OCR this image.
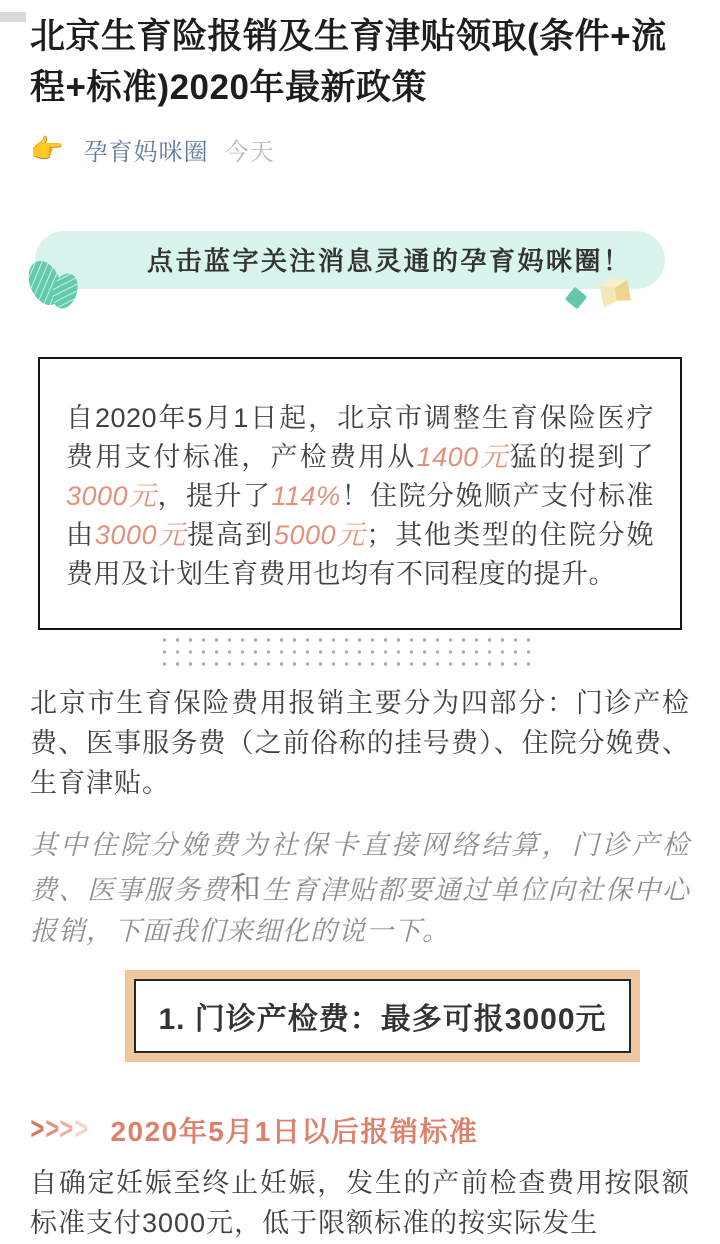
北京生育险报销及生育津贴领取(条件+流程+标准)2020年最新政策
👉 孕育妈咪圈 今天
点击蓝字关注消息灵通的孕育妈咪圈！

自2020年5月1日起，北京市调整生育保险医疗费用支付标准，产检费用从1400元猛的提到了3000元，提升了114%！住院分娩顺产支付标准由3000元提高到5000元；其他类型的住院分娩费用及计划生育费用也均有不同程度的提升。

北京市生育保险费用报销主要分为四部分：门诊产检费、医事服务费（之前俗称的挂号费）、住院分娩费、生育津贴。

其中住院分娩费为社保卡直接网络结算，门诊产检费、医事服务费和生育津贴都要通过单位向社保中心报销，下面我们来细化的说一下。

1. 门诊产检费：最多可报3000元
> > > > 2020年5月1日以后报销标准

自确定妊娠至终止妊娠，发生的产前检查费用按限额标准支付3000元，低于限额标准的按实际发生
